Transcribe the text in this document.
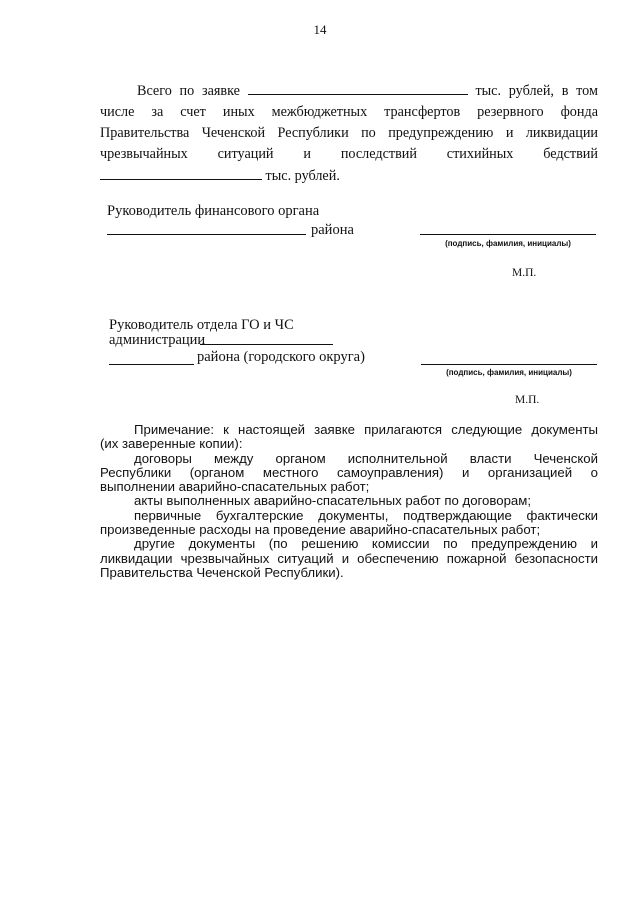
14
Всего по заявке	тыс. рублей, в том
числе за счет иных межбюджетных трансфертов резервного фонда
Правительства Чеченской Республики по предупреждению и ликвидации
чрезвычайных ситуаций и последствий стихийных бедствий
тыс. рублей.
Руководитель финансового органа
района
(подпись, фамилия, инициалы)
М.П.
Руководитель отдела ГО и ЧС
администрации
района (городского округа)
(подпись, фамилия, инициалы)
М.П.

Примечание: к настоящей заявке прилагаются следующие документы

(их заверенные копии):

договоры между органом исполнительной власти Чеченской

Республики (органом местного самоуправления) и организацией о

выполнении аварийно-спасательных работ;

акты выполненных аварийно-спасательных работ по договорам;

первичные бухгалтерские документы, подтверждающие фактически

произведенные расходы на проведение аварийно-спасательных работ;

другие документы (по решению комиссии по предупреждению и

ликвидации чрезвычайных ситуаций и обеспечению пожарной безопасности

Правительства Чеченской Республики).
